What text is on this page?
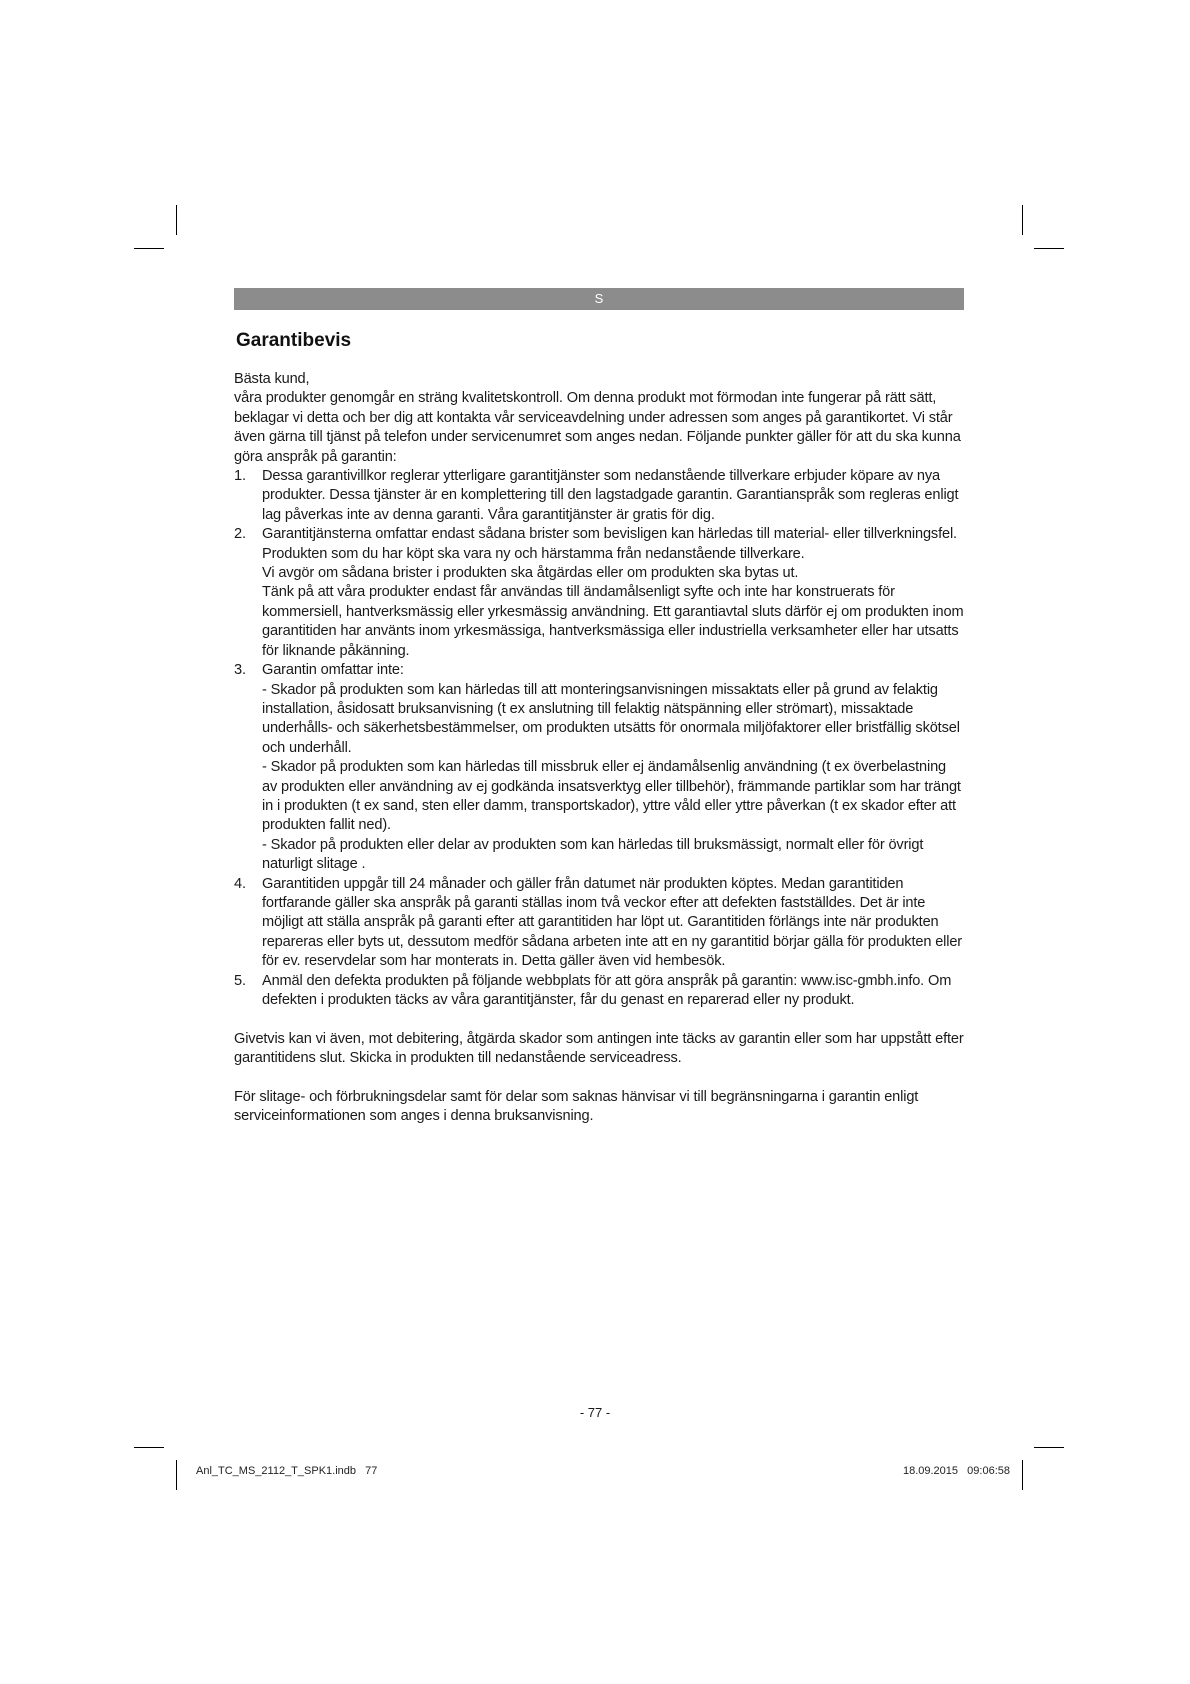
S
Garantibevis

Bästa kund,

våra produkter genomgår en sträng kvalitetskontroll. Om denna produkt mot förmodan inte fungerar på rätt sätt, beklagar vi detta och ber dig att kontakta vår serviceavdelning under adressen som anges på garantikortet. Vi står även gärna till tjänst på telefon under servicenumret som anges nedan. Följande punkter gäller för att du ska kunna göra anspråk på garantin:

1. Dessa garantivillkor reglerar ytterligare garantitjänster som nedanstående tillverkare erbjuder köpare av nya produkter. Dessa tjänster är en komplettering till den lagstadgade garantin. Garantianspråk som regleras enligt lag påverkas inte av denna garanti. Våra garantitjänster är gratis för dig.

2. Garantitjänsterna omfattar endast sådana brister som bevisligen kan härledas till material- eller tillverkningsfel. Produkten som du har köpt ska vara ny och härstamma från nedanstående tillverkare.

Vi avgör om sådana brister i produkten ska åtgärdas eller om produkten ska bytas ut.

Tänk på att våra produkter endast får användas till ändamålsenligt syfte och inte har konstruerats för kommersiell, hantverksmässig eller yrkesmässig användning. Ett garantiavtal sluts därför ej om produkten inom garantitiden har använts inom yrkesmässiga, hantverksmässiga eller industriella verksamheter eller har utsatts för liknande påkänning.

3. Garantin omfattar inte:

- Skador på produkten som kan härledas till att monteringsanvisningen missaktats eller på grund av felaktig installation, åsidosatt bruksanvisning (t ex anslutning till felaktig nätspänning eller strömart), missaktade underhålls- och säkerhetsbestämmelser, om produkten utsätts för onormala miljöfaktorer eller bristfällig skötsel och underhåll.

- Skador på produkten som kan härledas till missbruk eller ej ändamålsenlig användning (t ex överbelastning av produkten eller användning av ej godkända insatsverktyg eller tillbehör), främmande partiklar som har trängt in i produkten (t ex sand, sten eller damm, transportskador), yttre våld eller yttre påverkan (t ex skador efter att produkten fallit ned).

- Skador på produkten eller delar av produkten som kan härledas till bruksmässigt, normalt eller för övrigt naturligt slitage .

4. Garantitiden uppgår till 24 månader och gäller från datumet när produkten köptes. Medan garantitiden fortfarande gäller ska anspråk på garanti ställas inom två veckor efter att defekten fastställdes. Det är inte möjligt att ställa anspråk på garanti efter att garantitiden har löpt ut. Garantitiden förlängs inte när produkten repareras eller byts ut, dessutom medför sådana arbeten inte att en ny garantitid börjar gälla för produkten eller för ev. reservdelar som har monterats in. Detta gäller även vid hembesök.

5. Anmäl den defekta produkten på följande webbplats för att göra anspråk på garantin: www.isc-gmbh.info. Om defekten i produkten täcks av våra garantitjänster, får du genast en reparerad eller ny produkt.

Givetvis kan vi även, mot debitering, åtgärda skador som antingen inte täcks av garantin eller som har uppstått efter garantitidens slut. Skicka in produkten till nedanstående serviceadress.

För slitage- och förbrukningsdelar samt för delar som saknas hänvisar vi till begränsningarna i garantin enligt serviceinformationen som anges i denna bruksanvisning.

- 77 -
Anl_TC_MS_2112_T_SPK1.indb   77	18.09.2015   09:06:58
